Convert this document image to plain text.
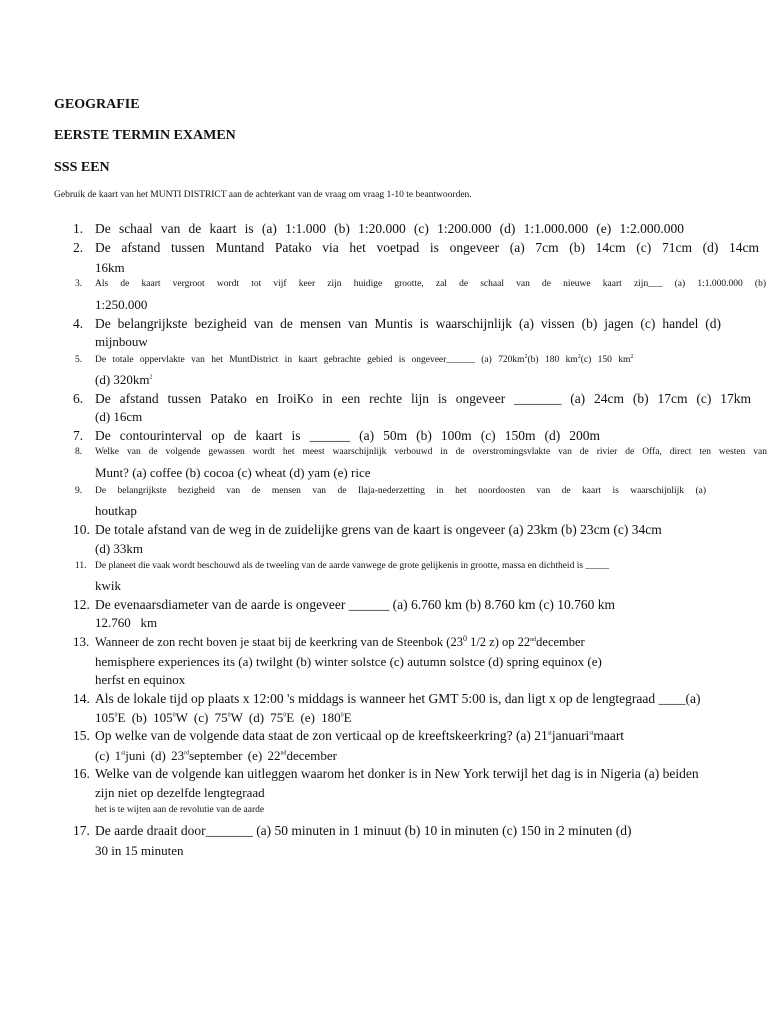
GEOGRAFIE
EERSTE TERMIN EXAMEN
SSS EEN
Gebruik de kaart van het MUNTI DISTRICT aan de achterkant van de vraag om vraag 1-10 te beantwoorden.
1. De schaal van de kaart is (a) 1:1.000 (b) 1:20.000 (c) 1:200.000 (d) 1:1.000.000 (e) 1:2.000.000
2. De afstand tussen Muntand Patako via het voetpad is ongeveer (a) 7cm (b) 14cm (c) 71cm (d) 14cm
16km
3. Als de kaart vergroot wordt tot vijf keer zijn huidige grootte, zal de schaal van de nieuwe kaart zijn___ (a) 1:1.000.000 (b)
1:250.000
4. De belangrijkste bezigheid van de mensen van Muntis is waarschijnlijk (a) vissen (b) jagen (c) handel (d)
mijnbouw
5. De totale oppervlakte van het MuntDistrict in kaart gebrachte gebied is ongeveer______ (a) $720km^2(b)$ 180 $km^2(c)$ 150 $km^2$
(d) $320km^2$
6. De afstand tussen Patako en IroiKo in een rechte lijn is ongeveer _______ (a) 24cm (b) 17cm (c) 17km
(d) 16cm
7. De contourinterval op de kaart is ______ (a) 50m (b) 100m (c) 150m (d) 200m
8. Welke van de volgende gewassen wordt het meest waarschijnlijk verbouwd in de overstromingsvlakte van de rivier de Offa, direct ten westen van
Munt? (a) coffee (b) cocoa (c) wheat (d) yam (e) rice
9. De belangrijkste bezigheid van de mensen van de Ilaja-nederzetting in het noordoosten van de kaart is waarschijnlijk (a)
houtkap
10. De totale afstand van de weg in de zuidelijke grens van de kaart is ongeveer (a) 23km (b) 23cm (c) 34cm
(d) 33km
11. De planeet die vaak wordt beschouwd als de tweeling van de aarde vanwege de grote gelijkenis in grootte, massa en dichtheid is _____
kwik
12. De evenaarsdiameter van de aarde is ongeveer ______ (a) 6.760 km (b) 8.760 km (c) 10.760 km
12.760   km
13. Wanneer de zon recht boven je staat bij de keerkring van de Steenbok ($23^0$ 1/2 z) op 22nddecember
hemisphere experiences its (a) twilght (b) winter solstce (c) autumn solstce (d) spring equinox (e)
herfst en equinox
14. Als de lokale tijd op plaats x 12:00 's middags is wanneer het GMT 5:00 is, dan ligt x op de lengtegraad ____(a)
$105^0E$ (b) $105^0W$ (c) $75^0W$ (d) $75^0E$ (e) $180^0E$
15. Op welke van de volgende data staat de zon verticaal op de kreeftskeerkring? (a) 21stjanuari$^{st}$maart
(c) 1stjuni (d) 23rdseptember (e) 22nddecember
16. Welke van de volgende kan uitleggen waarom het donker is in New York terwijl het dag is in Nigeria (a) beiden
zijn niet op dezelfde lengtegraad
het is te wijten aan de revolutie van de aarde
17. De aarde draait door_______ (a) 50 minuten in 1 minuut (b) 10 in minuten (c) 150 in 2 minuten (d)
30 in 15 minuten
